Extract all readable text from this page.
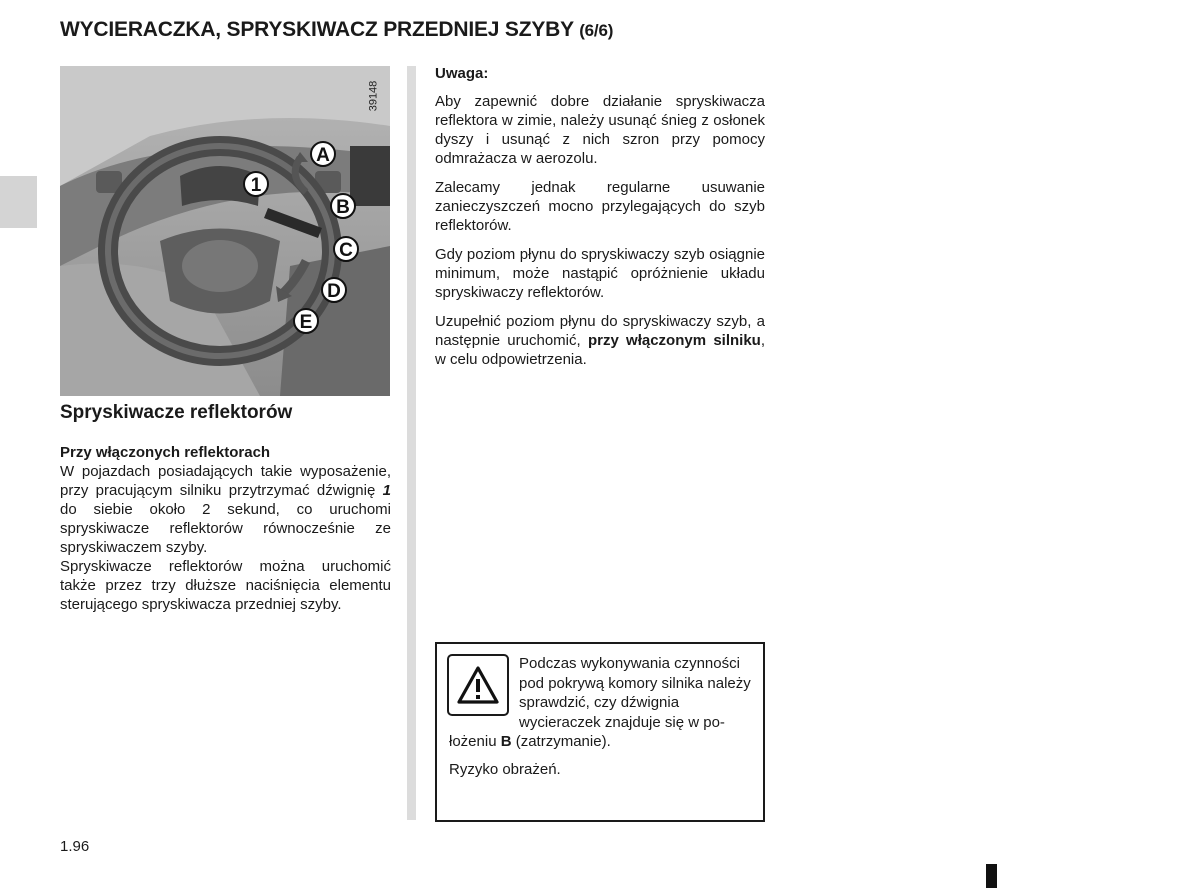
WYCIERACZKA, SPRYSKIWACZ PRZEDNIEJ SZYBY (6/6)
1
A
B
C
D
E
39148
Spryskiwacze reflektorów

Przy włączonych reflektorach

W pojazdach posiadających takie wyposażenie, przy pracującym silniku przytrzymać dźwignię 1 do siebie około 2 sekund, co uruchomi spryskiwacze reflektorów równocześnie ze spryskiwaczem szyby.

Spryskiwacze reflektorów można uruchomić także przez trzy dłuższe naciśnięcia elementu sterującego spryskiwacza przedniej szyby.

Uwaga:

Aby zapewnić dobre działanie spryskiwacza reflektora w zimie, należy usunąć śnieg z osłonek dyszy i usunąć z nich szron przy pomocy odmrażacza w aerozolu.

Zalecamy jednak regularne usuwanie zanieczyszczeń mocno przylegających do szyb reflektorów.

Gdy poziom płynu do spryskiwaczy szyb osiągnie minimum, może nastąpić opróżnienie układu spryskiwaczy reflektorów.

Uzupełnić poziom płynu do spryskiwaczy szyb, a następnie uruchomić, przy włączonym silniku, w celu odpowietrzenia.

Podczas wykonywania czynności pod pokrywą komory silnika należy sprawdzić, czy dźwignia wycieraczek znajduje się w po-
łożeniu B (zatrzymanie).
Ryzyko obrażeń.
1.96
